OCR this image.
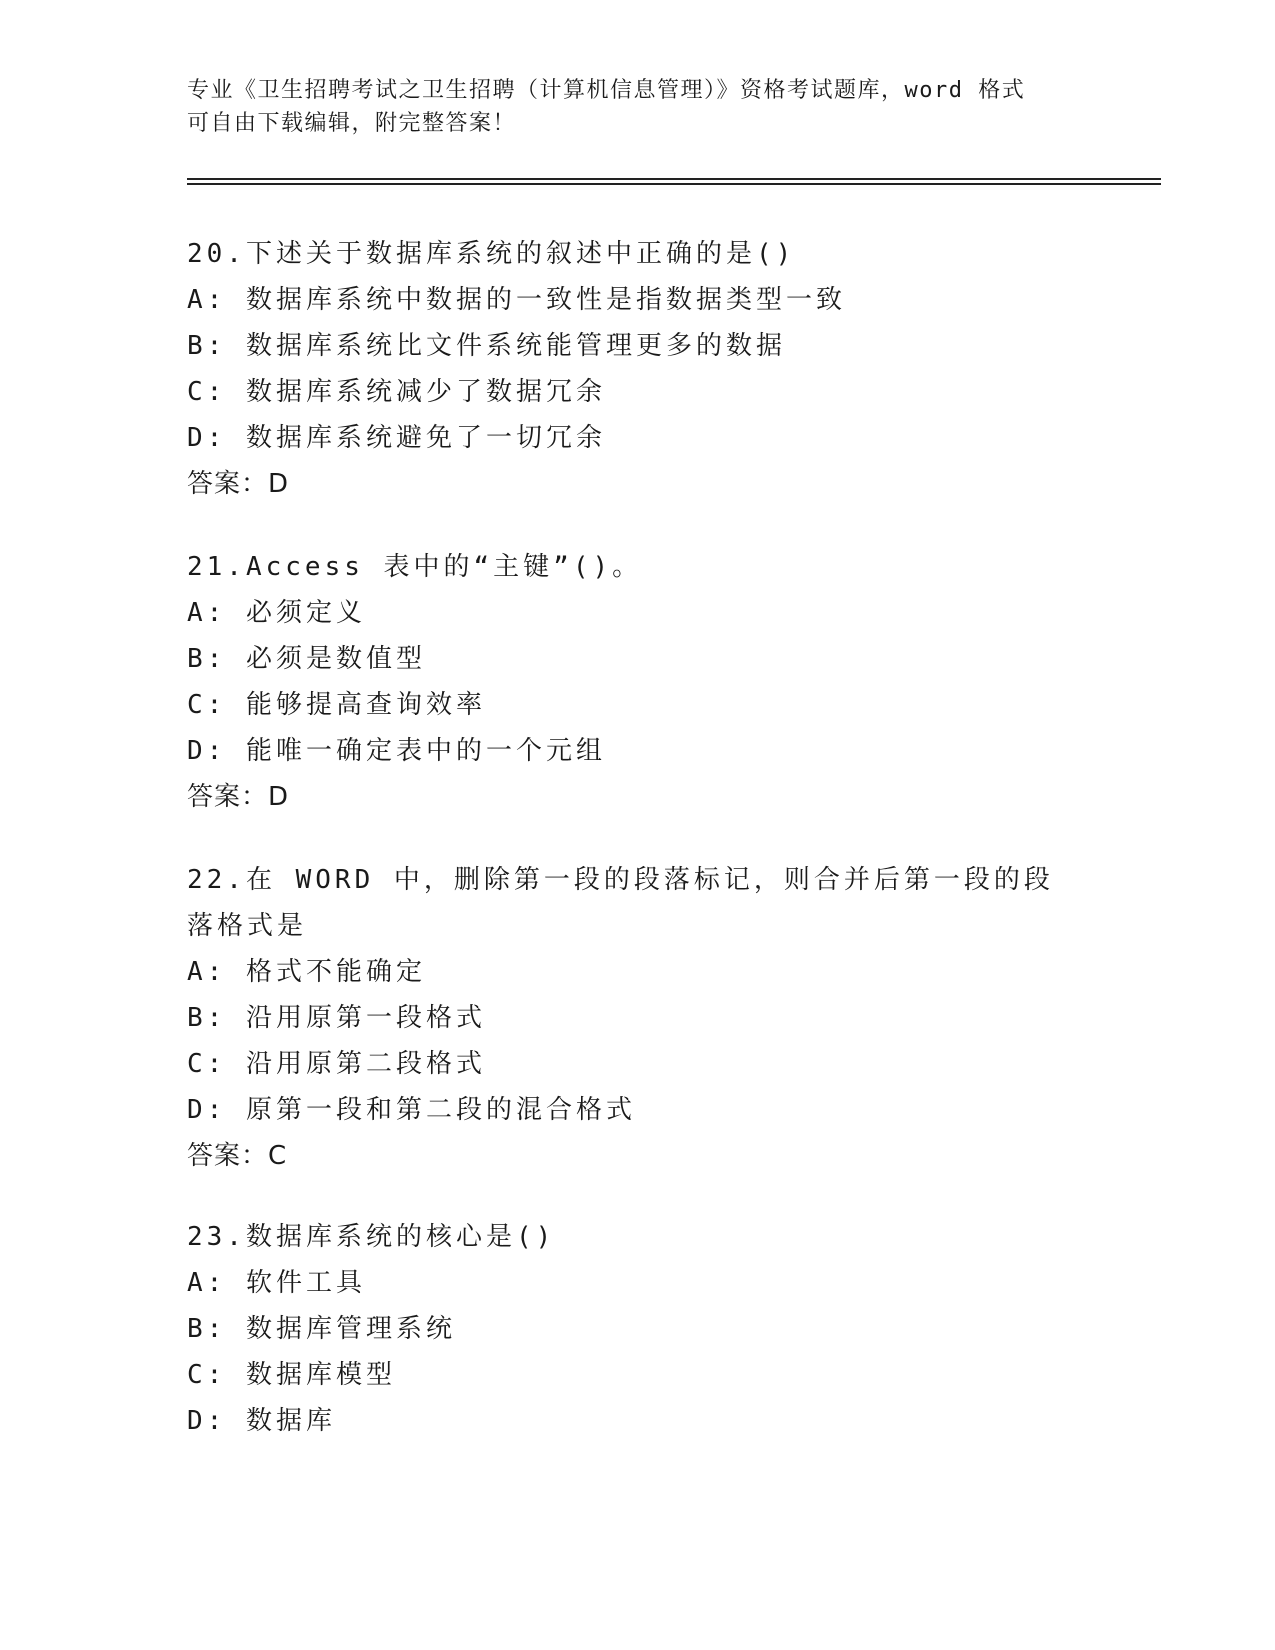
专业《卫生招聘考试之卫生招聘（计算机信息管理）》资格考试题库，word 格式
可自由下载编辑，附完整答案！
20.下述关于数据库系统的叙述中正确的是()
A: 数据库系统中数据的一致性是指数据类型一致
B: 数据库系统比文件系统能管理更多的数据
C: 数据库系统减少了数据冗余
D: 数据库系统避免了一切冗余
答案：D
21.Access 表中的“主键”()。
A: 必须定义
B: 必须是数值型
C: 能够提高查询效率
D: 能唯一确定表中的一个元组
答案：D
22.在 WORD 中，删除第一段的段落标记，则合并后第一段的段落格式是
A: 格式不能确定
B: 沿用原第一段格式
C: 沿用原第二段格式
D: 原第一段和第二段的混合格式
答案：C
23.数据库系统的核心是()
A: 软件工具
B: 数据库管理系统
C: 数据库模型
D: 数据库
